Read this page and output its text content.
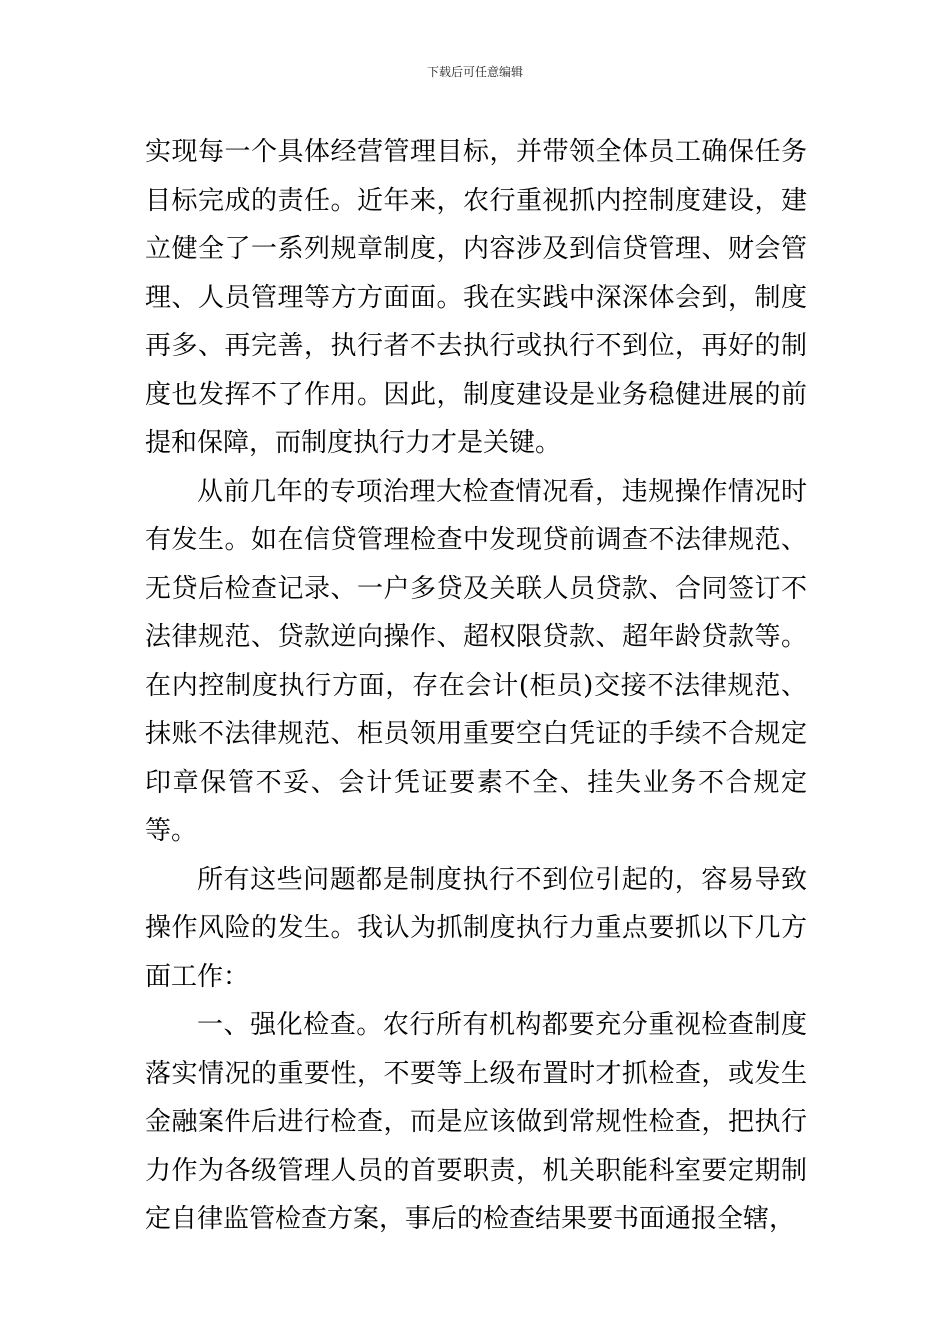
下载后可任意编辑

实现每一个具体经营管理目标，并带领全体员工确保任务目标完成的责任。近年来，农行重视抓内控制度建设，建立健全了一系列规章制度，内容涉及到信贷管理、财会管理、人员管理等方方面面。我在实践中深深体会到，制度再多、再完善，执行者不去执行或执行不到位，再好的制度也发挥不了作用。因此，制度建设是业务稳健进展的前提和保障，而制度执行力才是关键。

从前几年的专项治理大检查情况看，违规操作情况时有发生。如在信贷管理检查中发现贷前调查不法律规范、无贷后检查记录、一户多贷及关联人员贷款、合同签订不法律规范、贷款逆向操作、超权限贷款、超年龄贷款等。在内控制度执行方面，存在会计(柜员)交接不法律规范、抹账不法律规范、柜员领用重要空白凭证的手续不合规定印章保管不妥、会计凭证要素不全、挂失业务不合规定等。

所有这些问题都是制度执行不到位引起的，容易导致操作风险的发生。我认为抓制度执行力重点要抓以下几方面工作：

一、强化检查。农行所有机构都要充分重视检查制度落实情况的重要性，不要等上级布置时才抓检查，或发生金融案件后进行检查，而是应该做到常规性检查，把执行力作为各级管理人员的首要职责，机关职能科室要定期制定自律监管检查方案，事后的检查结果要书面通报全辖，
